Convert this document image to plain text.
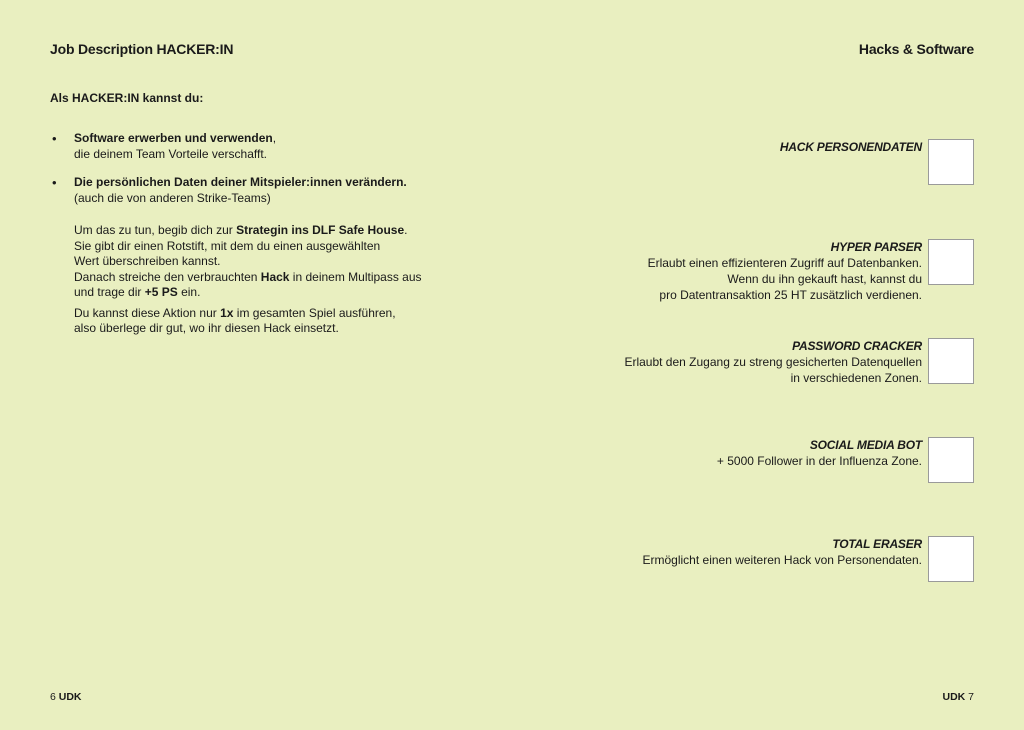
Job Description HACKER:IN
Als HACKER:IN kannst du:
• Software erwerben und verwenden,
die deinem Team Vorteile verschafft.
• Die persönlichen Daten deiner Mitspieler:innen verändern.
(auch die von anderen Strike-Teams)
Um das zu tun, begib dich zur Strategin ins DLF Safe House.
Sie gibt dir einen Rotstift, mit dem du einen ausgewählten
Wert überschreiben kannst.
Danach streiche den verbrauchten Hack in deinem Multipass aus
und trage dir +5 PS ein.
Du kannst diese Aktion nur 1x im gesamten Spiel ausführen,
also überlege dir gut, wo ihr diesen Hack einsetzt.
6 UDK
Hacks & Software
HACK PERSONENDATEN
HYPER PARSER
Erlaubt einen effizienteren Zugriff auf Datenbanken.
Wenn du ihn gekauft hast, kannst du
pro Datentransaktion 25 HT zusätzlich verdienen.
PASSWORD CRACKER
Erlaubt den Zugang zu streng gesicherten Datenquellen
in verschiedenen Zonen.
SOCIAL MEDIA BOT
+ 5000 Follower in der Influenza Zone.
TOTAL ERASER
Ermöglicht einen weiteren Hack von Personendaten.
UDK 7
